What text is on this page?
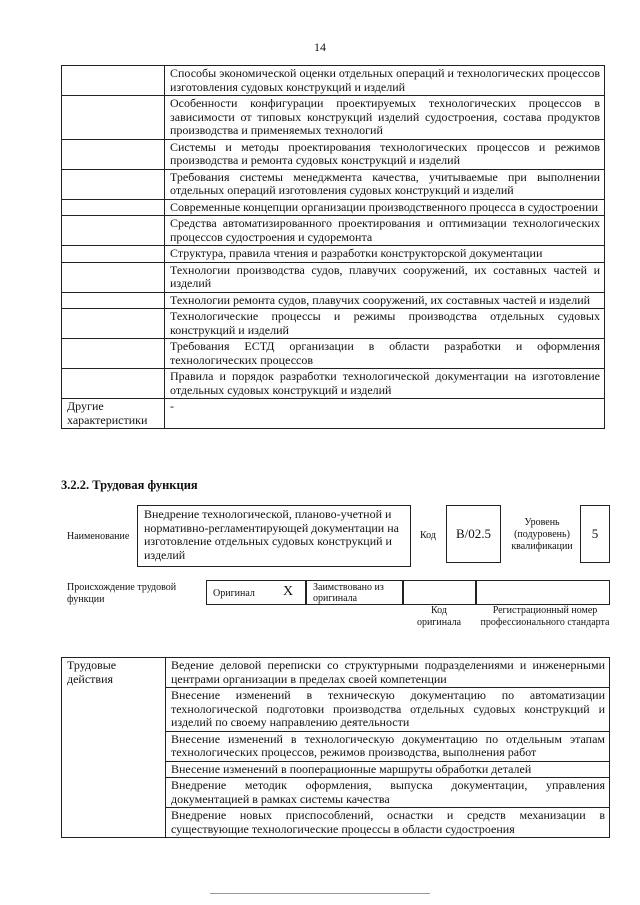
14
	Способы экономической оценки отдельных операций и технологических процессов изготовления судовых конструкций и изделий
	Особенности конфигурации проектируемых технологических процессов в зависимости от типовых конструкций изделий судостроения, состава продуктов производства и применяемых технологий
	Системы и методы проектирования технологических процессов и режимов производства и ремонта судовых конструкций и изделий
	Требования системы менеджмента качества, учитываемые при выполнении отдельных операций изготовления судовых конструкций и изделий
	Современные концепции организации производственного процесса в судостроении
	Средства автоматизированного проектирования и оптимизации технологических процессов судостроения и судоремонта
	Структура, правила чтения и разработки конструкторской документации
	Технологии производства судов, плавучих сооружений, их составных частей и изделий
	Технологии ремонта судов, плавучих сооружений, их составных частей и изделий
	Технологические процессы и режимы производства отдельных судовых конструкций и изделий
	Требования ЕСТД организации в области разработки и оформления технологических процессов
	Правила и порядок разработки технологической документации на изготовление отдельных судовых конструкций и изделий
Другие характеристики	-
3.2.2. Трудовая функция
Наименование
Внедрение технологической, планово-учетной и нормативно-регламентирующей документации на изготовление отдельных судовых конструкций и изделий
Код	В/02.5
Уровень (подуровень) квалификации
5
Происхождение трудовой функции
Оригинал X	Заимствовано из оригинала
Код оригинала
Регистрационный номер профессионального стандарта
Трудовые действия	Ведение деловой переписки со структурными подразделениями и инженерными центрами организации в пределах своей компетенции
Внесение изменений в техническую документацию по автоматизации технологической подготовки производства отдельных судовых конструкций и изделий по своему направлению деятельности
Внесение изменений в технологическую документацию по отдельным этапам технологических процессов, режимов производства, выполнения работ
Внесение изменений в пооперационные маршруты обработки деталей
Внедрение методик оформления, выпуска документации, управления документацией в рамках системы качества
Внедрение новых приспособлений, оснастки и средств механизации в существующие технологические процессы в области судостроения
